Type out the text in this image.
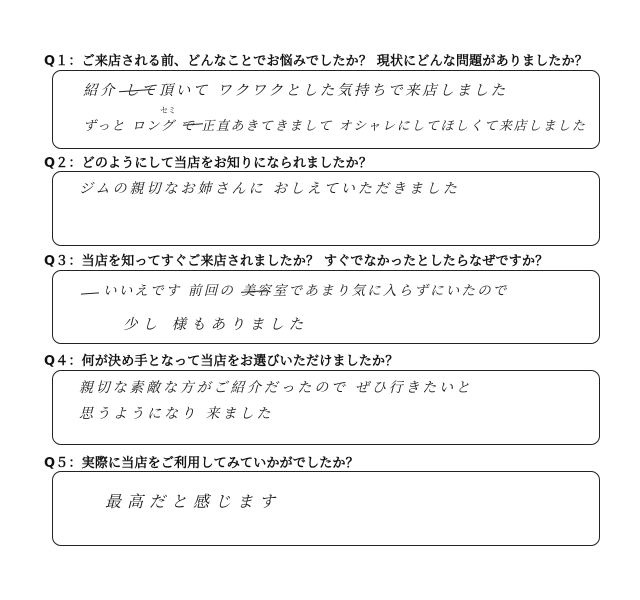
Q１：ご来店される前、どんなことでお悩みでしたか？ 現状にどんな問題がありましたか？
紹介 して頂いて ワクワクとした気持ちで来店しました
セミ
ずっと ロング で 正直あきてきまして オシャレにしてほしくて来店しました
Q２：どのようにして当店をお知りになられましたか？
ジムの親切なお姉さんに おしえていただきました
Q３：当店を知ってすぐご来店されましたか？ すぐでなかったとしたらなぜですか？
いいえです 前回の 美容室であまり気に入らずにいたので
少し 様もありました
Q４：何が決め手となって当店をお選びいただけましたか？
親切な素敵な方がご紹介だったので ぜひ行きたいと
思うようになり 来ました
Q５：実際に当店をご利用してみていかがでしたか？
最高だと感じます
